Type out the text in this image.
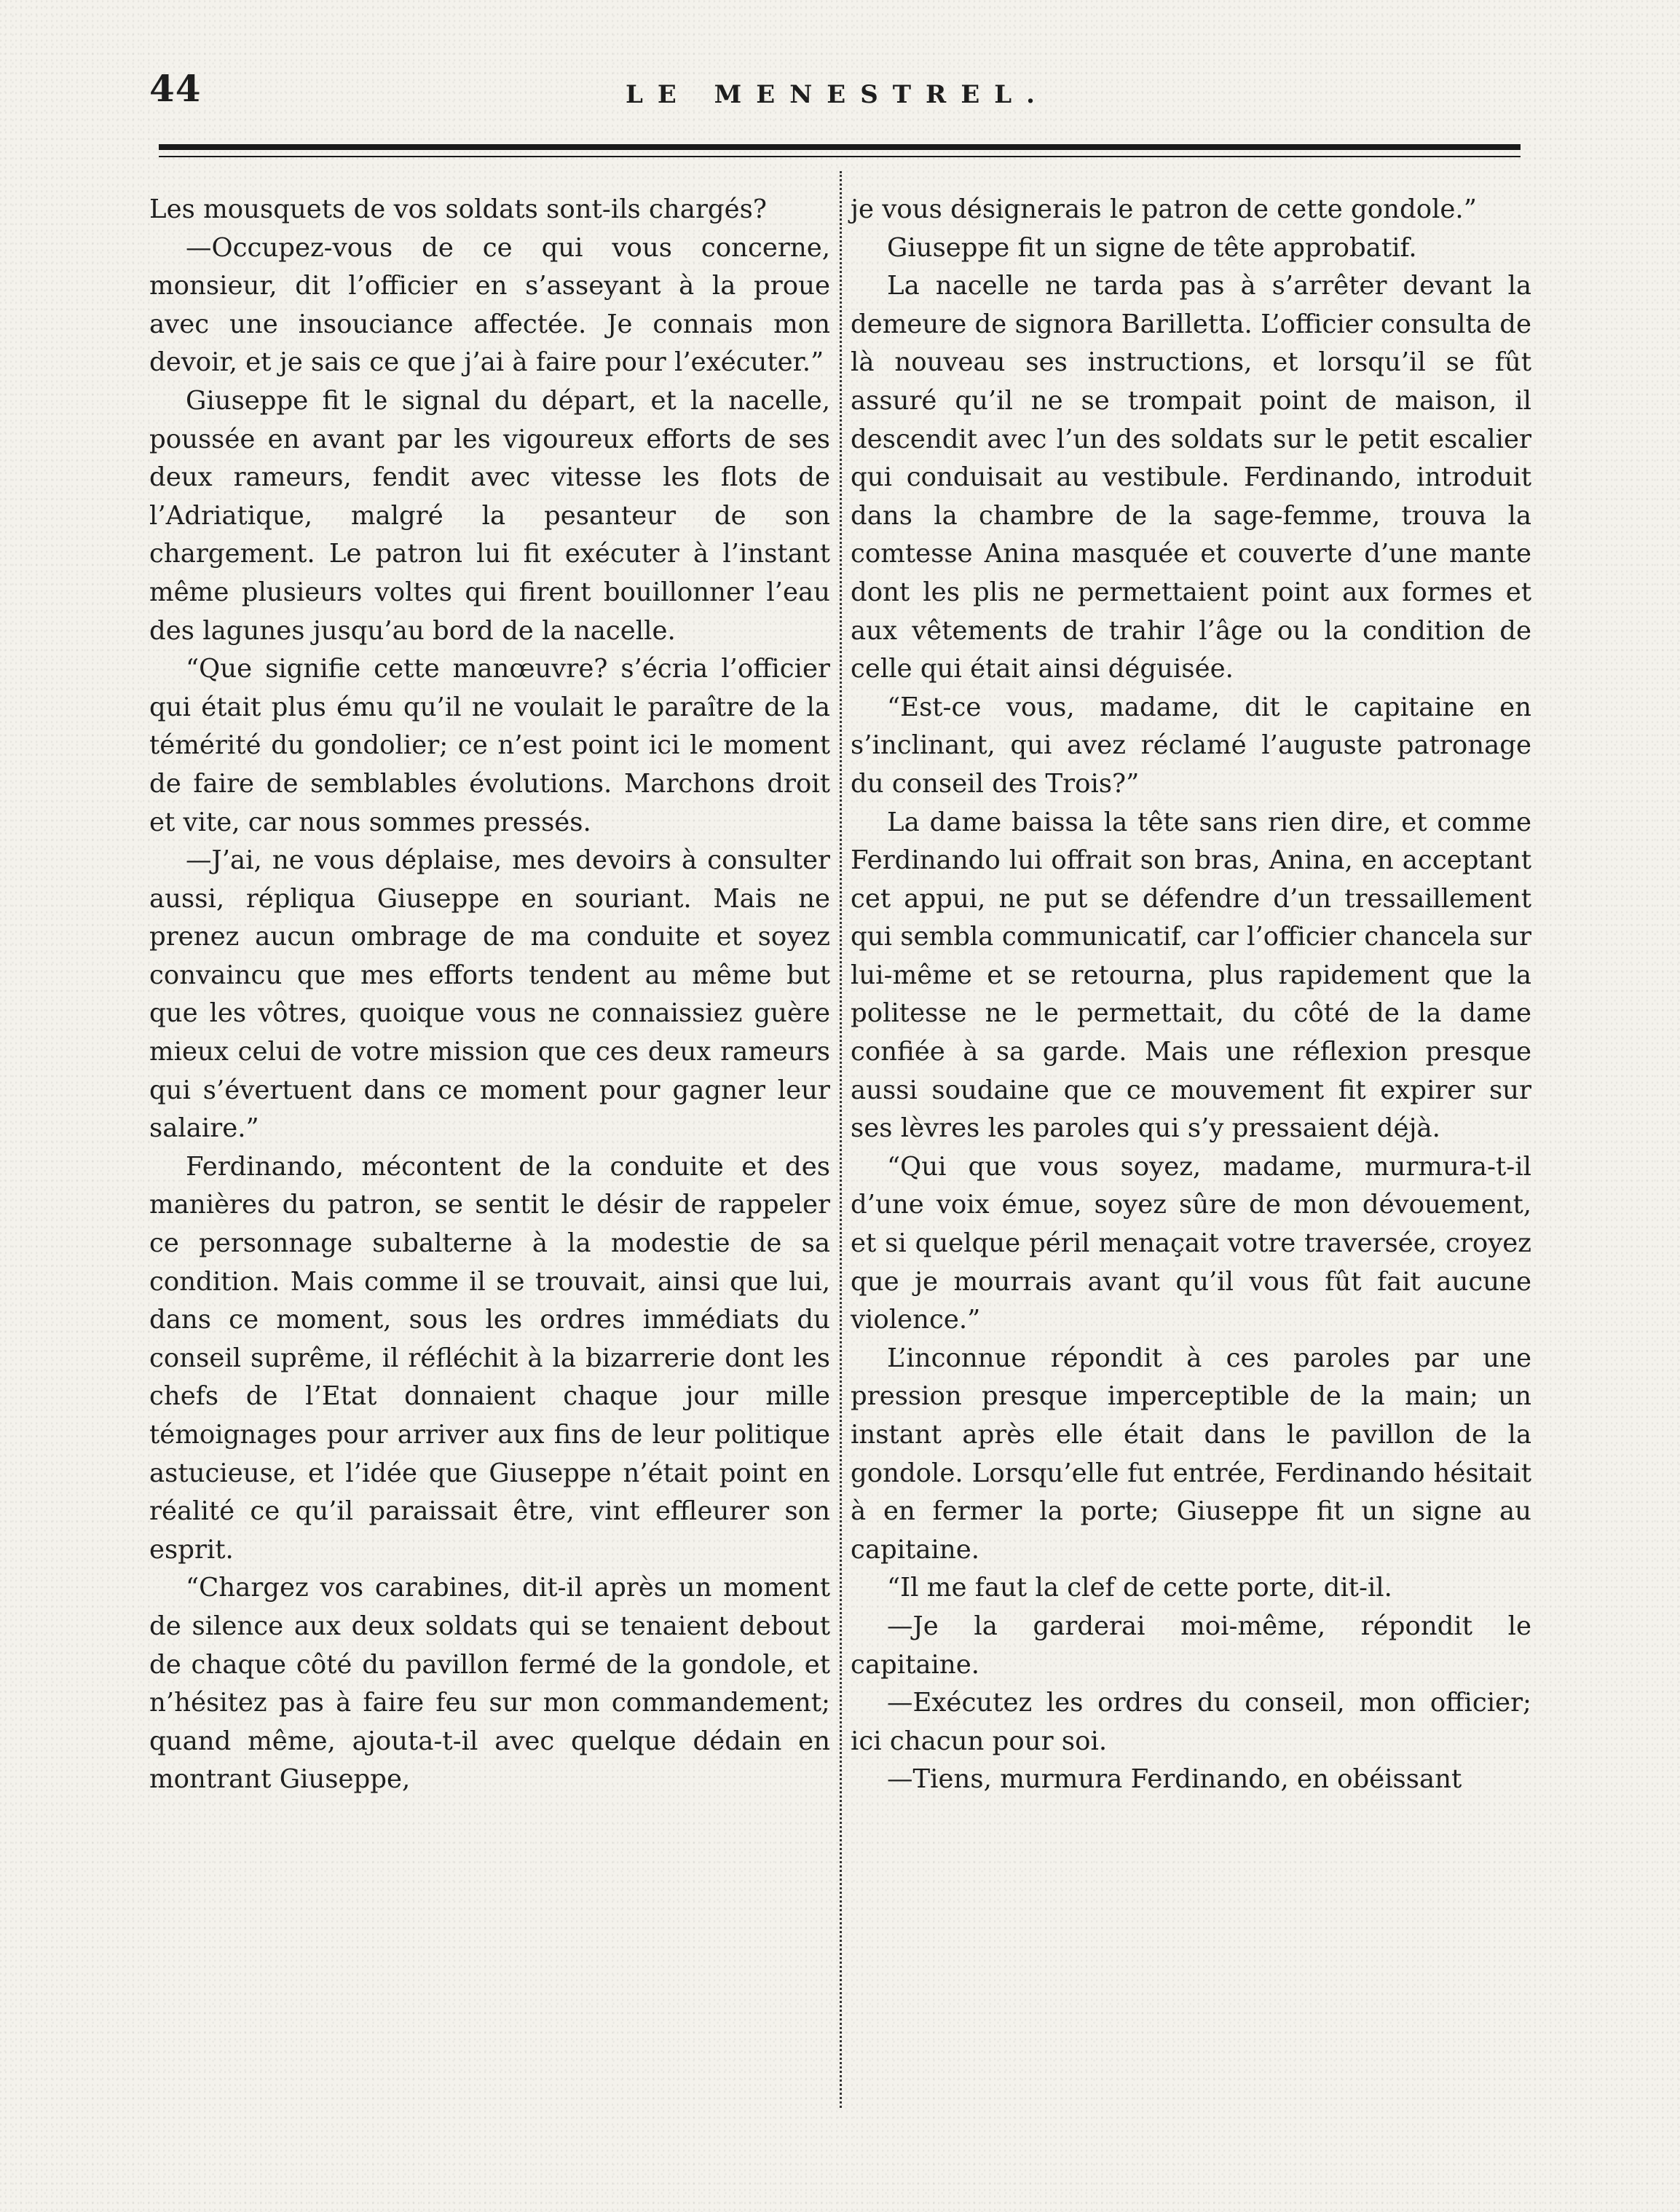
44	LE MENESTREL.

Les mousquets de vos soldats sont-ils chargés?

—Occupez-vous de ce qui vous concerne, monsieur, dit l’officier en s’asseyant à la proue avec une insouciance affectée. Je connais mon devoir, et je sais ce que j’ai à faire pour l’exécuter.”

Giuseppe fit le signal du départ, et la nacelle, poussée en avant par les vigoureux efforts de ses deux rameurs, fendit avec vitesse les flots de l’Adriatique, malgré la pesanteur de son chargement. Le patron lui fit exécuter à l’instant même plusieurs voltes qui firent bouillonner l’eau des lagunes jusqu’au bord de la nacelle.

“Que signifie cette manœuvre? s’écria l’officier qui était plus ému qu’il ne voulait le paraître de la témérité du gondolier; ce n’est point ici le moment de faire de semblables évolutions. Marchons droit et vite, car nous sommes pressés.

—J’ai, ne vous déplaise, mes devoirs à consulter aussi, répliqua Giuseppe en souriant. Mais ne prenez aucun ombrage de ma conduite et soyez convaincu que mes efforts tendent au même but que les vôtres, quoique vous ne connaissiez guère mieux celui de votre mission que ces deux rameurs qui s’évertuent dans ce moment pour gagner leur salaire.”

Ferdinando, mécontent de la conduite et des manières du patron, se sentit le désir de rappeler ce personnage subalterne à la modestie de sa condition. Mais comme il se trouvait, ainsi que lui, dans ce moment, sous les ordres immédiats du conseil suprême, il réfléchit à la bizarrerie dont les chefs de l’Etat donnaient chaque jour mille témoignages pour arriver aux fins de leur politique astucieuse, et l’idée que Giuseppe n’était point en réalité ce qu’il paraissait être, vint effleurer son esprit.

“Chargez vos carabines, dit-il après un moment de silence aux deux soldats qui se tenaient debout de chaque côté du pavillon fermé de la gondole, et n’hésitez pas à faire feu sur mon commandement; quand même, ajouta-t-il avec quelque dédain en montrant Giuseppe,

je vous désignerais le patron de cette gondole.”

Giuseppe fit un signe de tête approbatif.

La nacelle ne tarda pas à s’arrêter devant la demeure de signora Barilletta. L’officier consulta de là nouveau ses instructions, et lorsqu’il se fût assuré qu’il ne se trompait point de maison, il descendit avec l’un des soldats sur le petit escalier qui conduisait au vestibule. Ferdinando, introduit dans la chambre de la sage-femme, trouva la comtesse Anina masquée et couverte d’une mante dont les plis ne permettaient point aux formes et aux vêtements de trahir l’âge ou la condition de celle qui était ainsi déguisée.

“Est-ce vous, madame, dit le capitaine en s’inclinant, qui avez réclamé l’auguste patronage du conseil des Trois?”

La dame baissa la tête sans rien dire, et comme Ferdinando lui offrait son bras, Anina, en acceptant cet appui, ne put se défendre d’un tressaillement qui sembla communicatif, car l’officier chancela sur lui-même et se retourna, plus rapidement que la politesse ne le permettait, du côté de la dame confiée à sa garde. Mais une réflexion presque aussi soudaine que ce mouvement fit expirer sur ses lèvres les paroles qui s’y pressaient déjà.

“Qui que vous soyez, madame, murmura-t-il d’une voix émue, soyez sûre de mon dévouement, et si quelque péril menaçait votre traversée, croyez que je mourrais avant qu’il vous fût fait aucune violence.”

L’inconnue répondit à ces paroles par une pression presque imperceptible de la main; un instant après elle était dans le pavillon de la gondole. Lorsqu’elle fut entrée, Ferdinando hésitait à en fermer la porte; Giuseppe fit un signe au capitaine.

“Il me faut la clef de cette porte, dit-il.

—Je la garderai moi-même, répondit le capitaine.

—Exécutez les ordres du conseil, mon officier; ici chacun pour soi.

—Tiens, murmura Ferdinando, en obéissant
